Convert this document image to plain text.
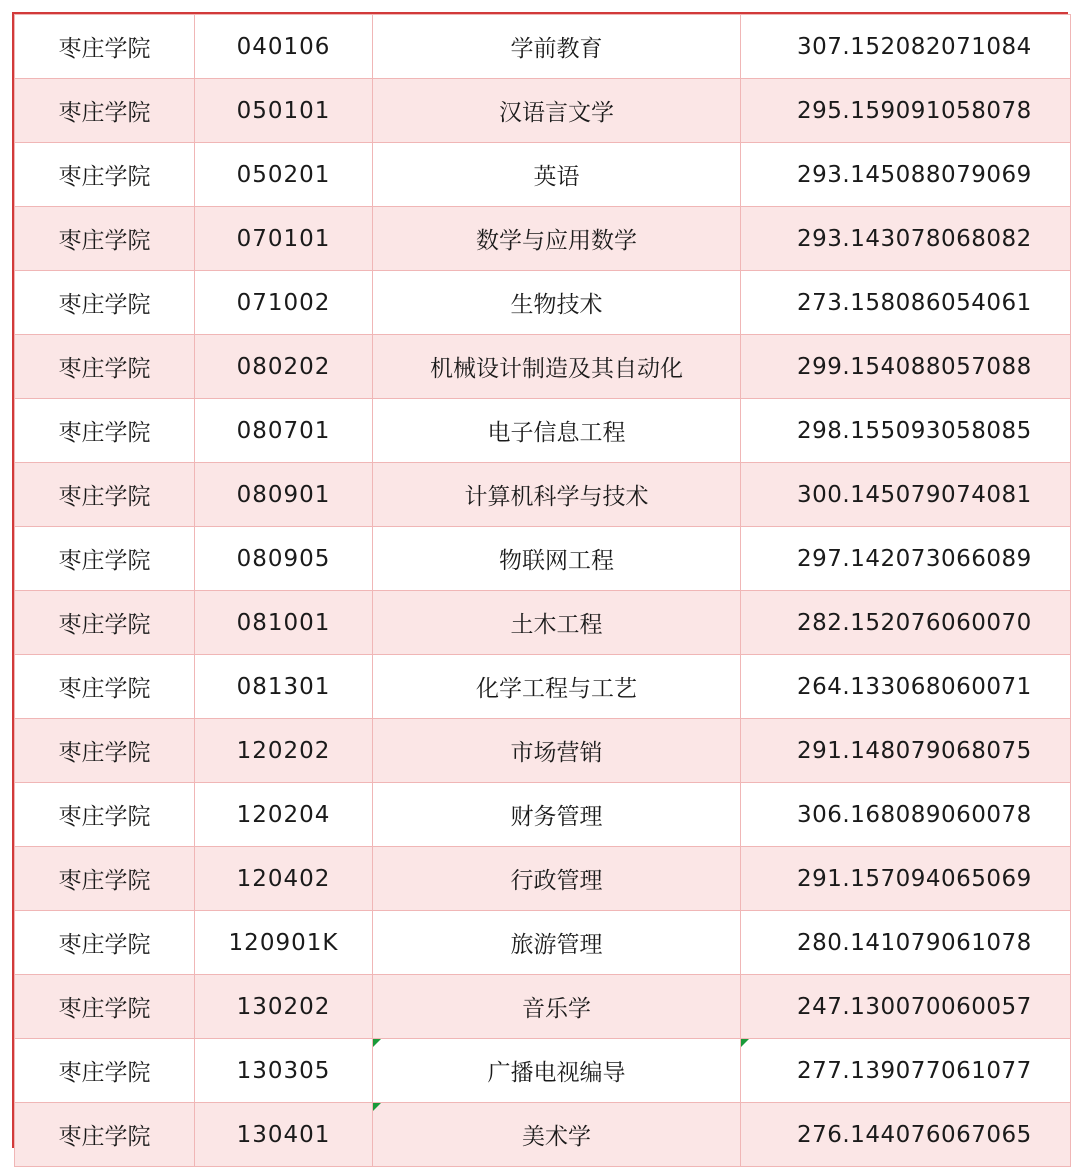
枣庄学院	040106	学前教育	307.152082071084
枣庄学院	050101	汉语言文学	295.159091058078
枣庄学院	050201	英语	293.145088079069
枣庄学院	070101	数学与应用数学	293.143078068082
枣庄学院	071002	生物技术	273.158086054061
枣庄学院	080202	机械设计制造及其自动化	299.154088057088
枣庄学院	080701	电子信息工程	298.155093058085
枣庄学院	080901	计算机科学与技术	300.145079074081
枣庄学院	080905	物联网工程	297.142073066089
枣庄学院	081001	土木工程	282.152076060070
枣庄学院	081301	化学工程与工艺	264.133068060071
枣庄学院	120202	市场营销	291.148079068075
枣庄学院	120204	财务管理	306.168089060078
枣庄学院	120402	行政管理	291.157094065069
枣庄学院	120901K	旅游管理	280.141079061078
枣庄学院	130202	音乐学	247.130070060057
枣庄学院	130305	广播电视编导	277.139077061077
枣庄学院	130401	美术学	276.144076067065
